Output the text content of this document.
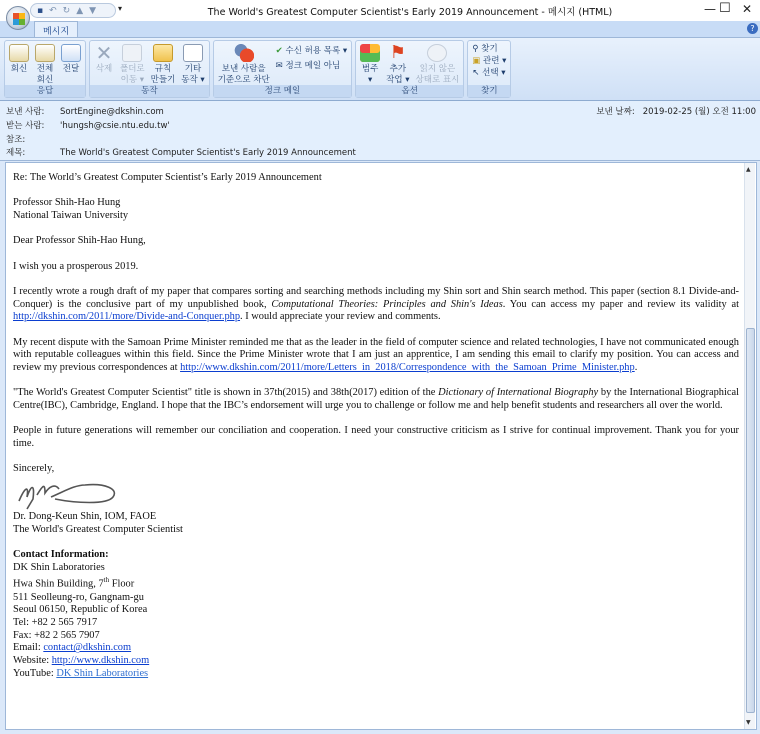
The World's Greatest Computer Scientist's Early 2019 Announcement - 메시지 (HTML)	— ☐ ✕
▪ ↶ ↻ ▲ ▼	▾
메시지	?
회신	전체
회신
전달
응답
✕
삭제 폴더로
이동 ▾
규칙
만들기
기타
동작 ▾
동작
보낸 사람을
기준으로 차단
✔ 수신 허용 목록 ▾
✉ 정크 메일 아님
정크 메일
범주
▾
⚑
추가
작업 ▾
읽지 않은
상태로 표시
옵션
⚲ 찾기
▣ 관련 ▾
↖ 선택 ▾
찾기
보낸 사람:	SortEngine@dkshin.com
받는 사람:	'hungsh@csie.ntu.edu.tw'
참조:
제목:	The World's Greatest Computer Scientist's Early 2019 Announcement
보낸 날짜: 2019-02-25 (월) 오전 11:00

Re: The World’s Greatest Computer Scientist’s Early 2019 Announcement

Professor Shih-Hao Hung
National Taiwan University

Dear Professor Shih-Hao Hung,

I wish you a prosperous 2019.

I recently wrote a rough draft of my paper that compares sorting and searching methods including my Shin sort and Shin search method. This paper (section 8.1 Divide-and-Conquer) is the conclusive part of my unpublished book, Computational Theories: Principles and Shin's Ideas. You can access my paper and review its validity at http://dkshin.com/2011/more/Divide-and-Conquer.php. I would appreciate your review and comments.

My recent dispute with the Samoan Prime Minister reminded me that as the leader in the field of computer science and related technologies, I have not communicated enough with reputable colleagues within this field. Since the Prime Minister wrote that I am just an apprentice, I am sending this email to clarify my position. You can access and review my previous correspondences at http://www.dkshin.com/2011/more/Letters_in_2018/Correspondence_with_the_Samoan_Prime_Minister.php.

"The World's Greatest Computer Scientist" title is shown in 37th(2015) and 38th(2017) edition of the Dictionary of International Biography by the International Biographical Centre(IBC), Cambridge, England. I hope that the IBC’s endorsement will urge you to challenge or follow me and help benefit students and researchers all over the world.

People in future generations will remember our conciliation and cooperation. I need your constructive criticism as I strive for continual improvement. Thank you for your time.

Sincerely,
Dr. Dong-Keun Shin, IOM, FAOE
The World's Greatest Computer Scientist
Contact Information:
DK Shin Laboratories
Hwa Shin Building, 7th Floor
511 Seolleung-ro, Gangnam-gu
Seoul 06150, Republic of Korea
Tel: +82 2 565 7917
Fax: +82 2 565 7907
Email: contact@dkshin.com
Website: http://www.dkshin.com
YouTube: DK Shin Laboratories
▲
▼
